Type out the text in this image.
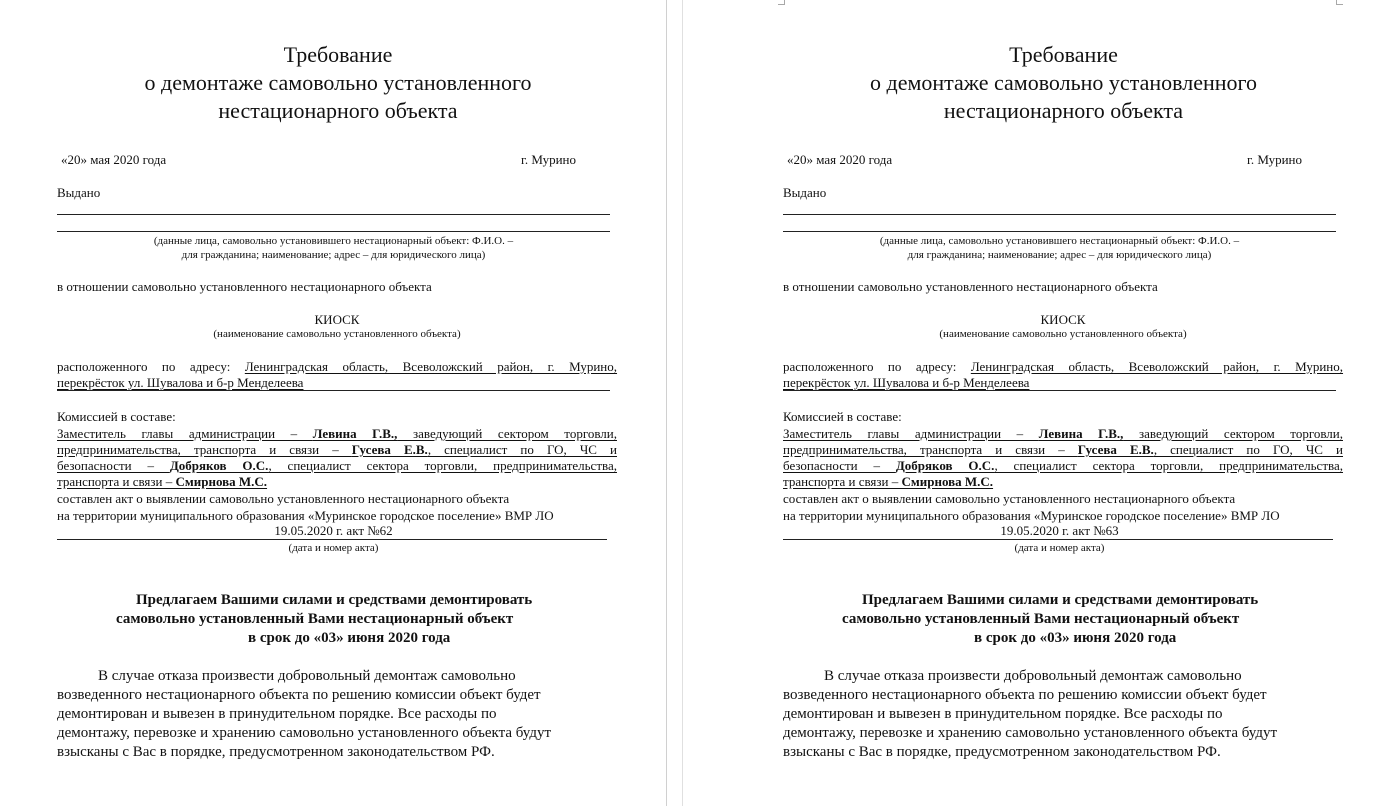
Требование
о демонтаже самовольно установленного
нестационарного объекта
«20» мая 2020 года	г. Мурино
Выдано
(данные лица, самовольно установившего нестационарный объект: Ф.И.О. –
для гражданина; наименование; адрес – для юридического лица)
в отношении самовольно установленного нестационарного объекта
КИОСК
(наименование самовольно установленного объекта)
расположенного по адресу: Ленинградская область, Всеволожский район, г. Мурино,
перекрёсток ул. Шувалова и б-р Менделеева
Комиссией в составе:
Заместитель главы администрации – Левина Г.В., заведующий сектором торговли,
предпринимательства, транспорта и связи – Гусева Е.В., специалист по ГО, ЧС и
безопасности – Добряков О.С., специалист сектора торговли, предпринимательства,
транспорта и связи – Смирнова М.С.
составлен акт о выявлении самовольно установленного нестационарного объекта
на территории муниципального образования «Муринское городское поселение» ВМР ЛО
19.05.2020 г. акт №62
(дата и номер акта)
Предлагаем Вашими силами и средствами демонтировать
самовольно установленный Вами нестационарный объект
в срок до «03» июня 2020 года
В случае отказа произвести добровольный демонтаж самовольно
возведенного нестационарного объекта по решению комиссии объект будет
демонтирован и вывезен в принудительном порядке. Все расходы по
демонтажу, перевозке и хранению самовольно установленного объекта будут
взысканы с Вас в порядке, предусмотренном законодательством РФ.
Требование
о демонтаже самовольно установленного
нестационарного объекта
«20» мая 2020 года	г. Мурино
Выдано
(данные лица, самовольно установившего нестационарный объект: Ф.И.О. –
для гражданина; наименование; адрес – для юридического лица)
в отношении самовольно установленного нестационарного объекта
КИОСК
(наименование самовольно установленного объекта)
расположенного по адресу: Ленинградская область, Всеволожский район, г. Мурино,
перекрёсток ул. Шувалова и б-р Менделеева
Комиссией в составе:
Заместитель главы администрации – Левина Г.В., заведующий сектором торговли,
предпринимательства, транспорта и связи – Гусева Е.В., специалист по ГО, ЧС и
безопасности – Добряков О.С., специалист сектора торговли, предпринимательства,
транспорта и связи – Смирнова М.С.
составлен акт о выявлении самовольно установленного нестационарного объекта
на территории муниципального образования «Муринское городское поселение» ВМР ЛО
19.05.2020 г. акт №63
(дата и номер акта)
Предлагаем Вашими силами и средствами демонтировать
самовольно установленный Вами нестационарный объект
в срок до «03» июня 2020 года
В случае отказа произвести добровольный демонтаж самовольно
возведенного нестационарного объекта по решению комиссии объект будет
демонтирован и вывезен в принудительном порядке. Все расходы по
демонтажу, перевозке и хранению самовольно установленного объекта будут
взысканы с Вас в порядке, предусмотренном законодательством РФ.
